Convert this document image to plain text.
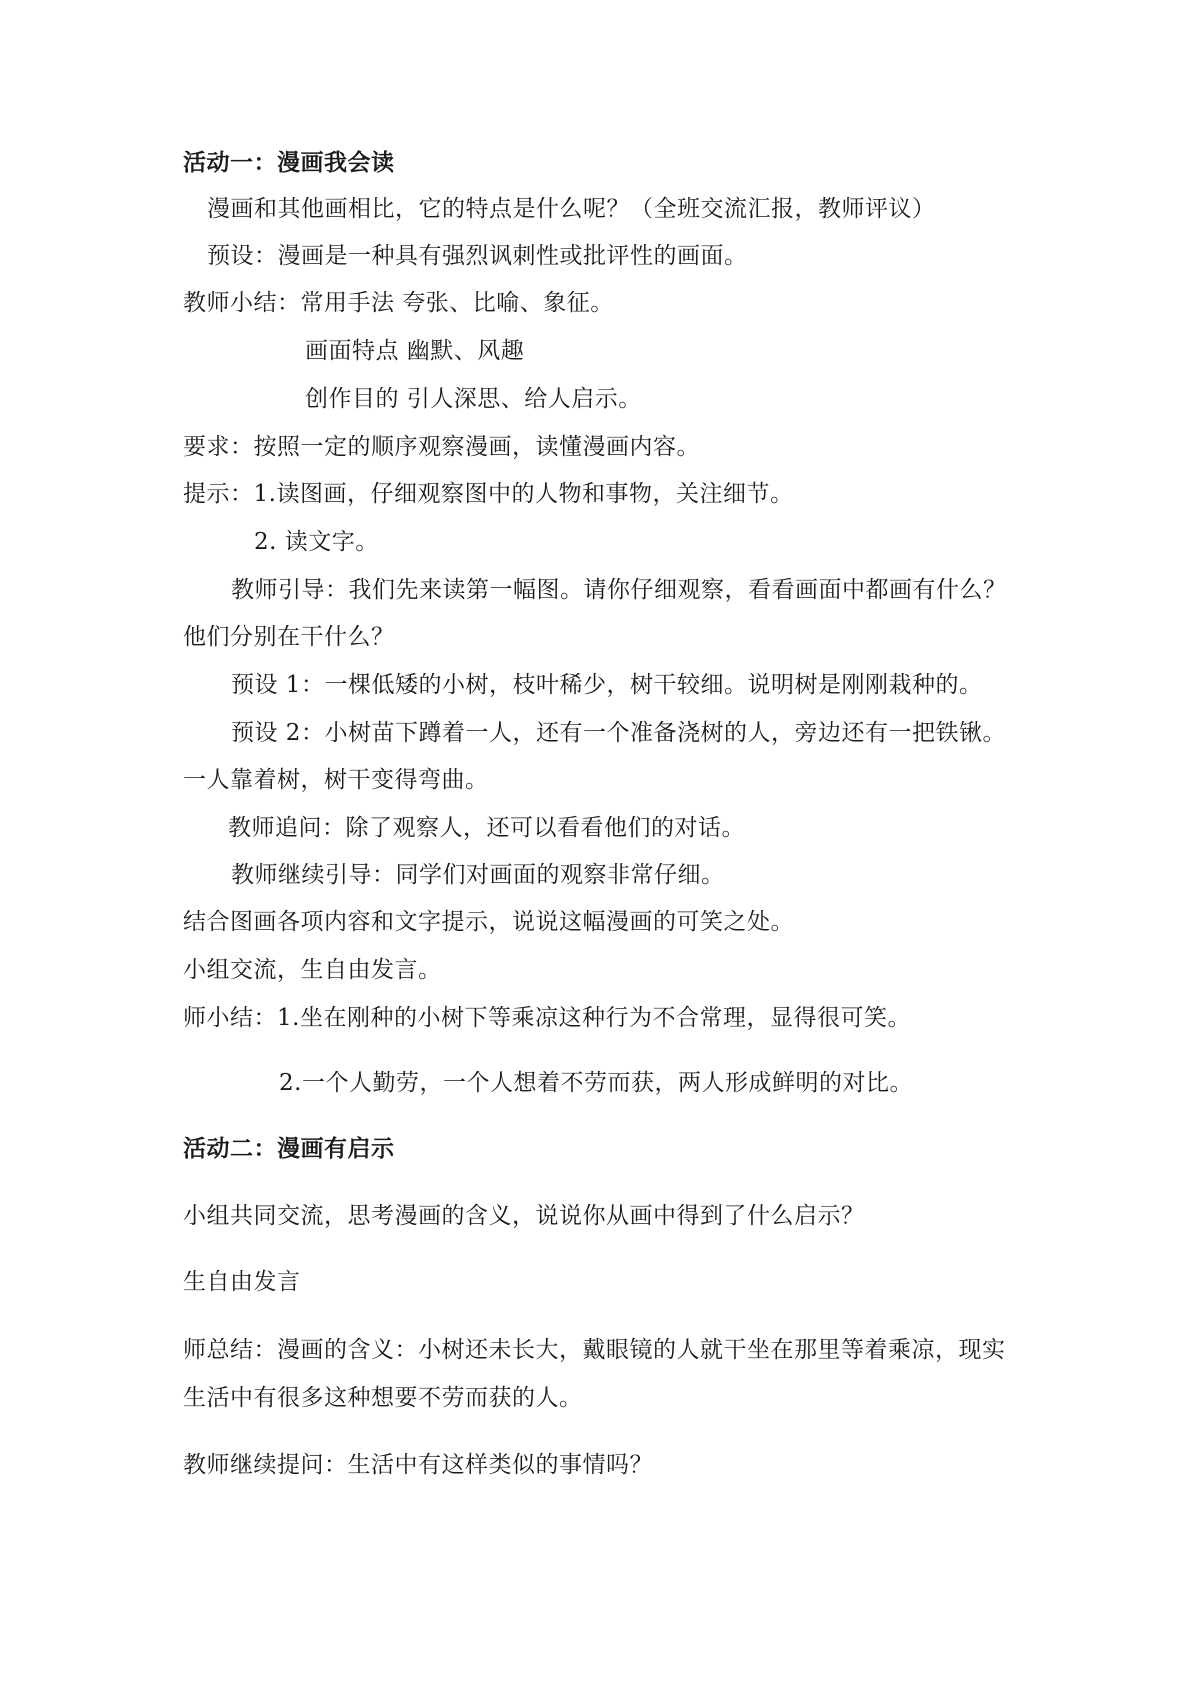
活动一：漫画我会读
漫画和其他画相比，它的特点是什么呢？（全班交流汇报，教师评议）
预设：漫画是一种具有强烈讽刺性或批评性的画面。
教师小结：常用手法 夸张、比喻、象征。
画面特点 幽默、风趣
创作目的 引人深思、给人启示。
要求：按照一定的顺序观察漫画，读懂漫画内容。
提示：1.读图画，仔细观察图中的人物和事物，关注细节。
2. 读文字。
教师引导：我们先来读第一幅图。请你仔细观察，看看画面中都画有什么？
他们分别在干什么？
预设 1：一棵低矮的小树，枝叶稀少，树干较细。说明树是刚刚栽种的。
预设 2：小树苗下蹲着一人，还有一个准备浇树的人，旁边还有一把铁锹。
一人靠着树，树干变得弯曲。
教师追问：除了观察人，还可以看看他们的对话。
教师继续引导：同学们对画面的观察非常仔细。
结合图画各项内容和文字提示，说说这幅漫画的可笑之处。
小组交流，生自由发言。
师小结：1.坐在刚种的小树下等乘凉这种行为不合常理，显得很可笑。
2.一个人勤劳，一个人想着不劳而获，两人形成鲜明的对比。
活动二：漫画有启示
小组共同交流，思考漫画的含义，说说你从画中得到了什么启示？
生自由发言
师总结：漫画的含义：小树还未长大，戴眼镜的人就干坐在那里等着乘凉，现实
生活中有很多这种想要不劳而获的人。
教师继续提问：生活中有这样类似的事情吗？
